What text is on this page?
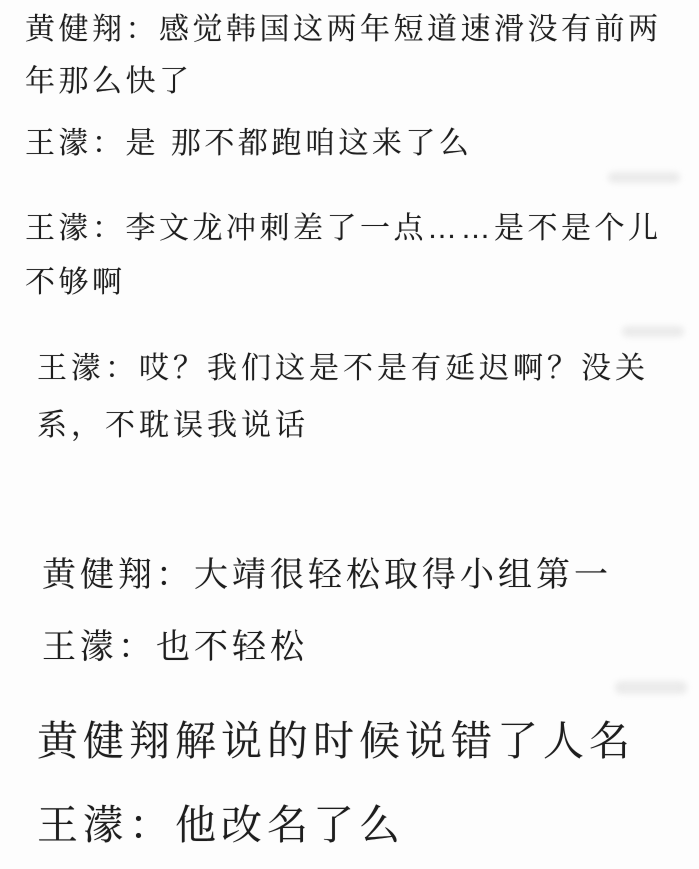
黄健翔：感觉韩国这两年短道速滑没有前两
年那么快了
王濛：是 那不都跑咱这来了么
王濛：李文龙冲刺差了一点……是不是个儿
不够啊
王濛：哎？我们这是不是有延迟啊？没关
系，不耽误我说话
黄健翔：大靖很轻松取得小组第一
王濛：也不轻松
黄健翔解说的时候说错了人名
王濛：他改名了么
